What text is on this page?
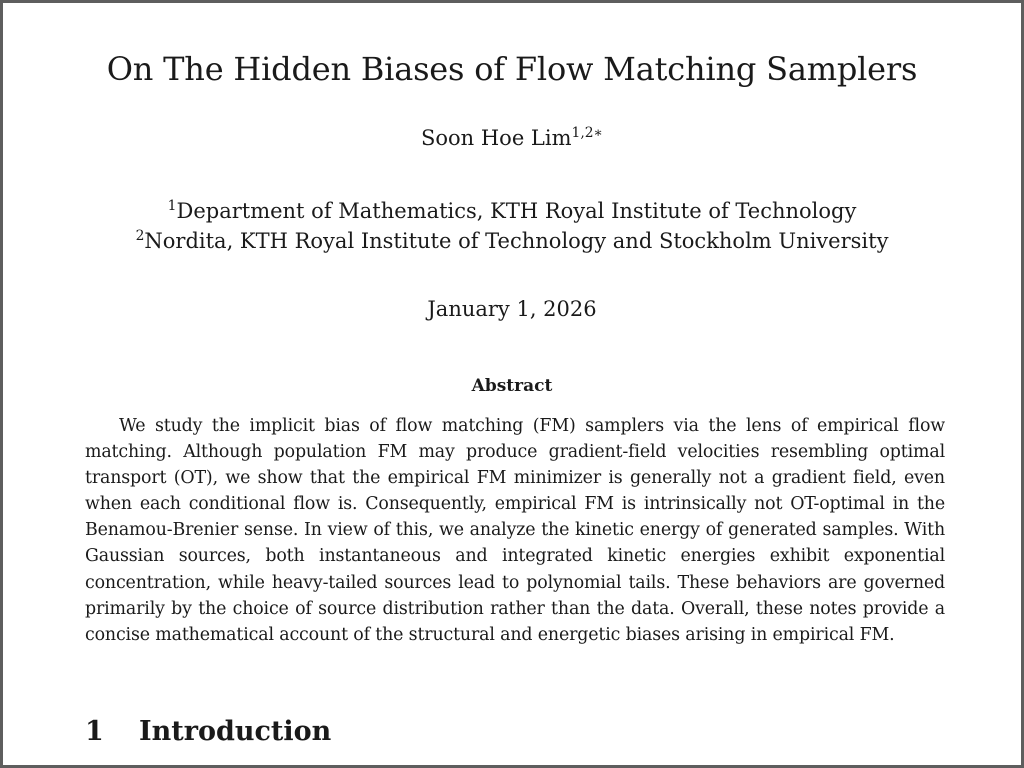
On The Hidden Biases of Flow Matching Samplers
Soon Hoe Lim$^{1,2∗}$
$^1$Department of Mathematics, KTH Royal Institute of Technology
$^2$Nordita, KTH Royal Institute of Technology and Stockholm University
January 1, 2026
Abstract

We study the implicit bias of flow matching (FM) samplers via the lens of empirical flow matching. Although population FM may produce gradient-field velocities resembling optimal transport (OT), we show that the empirical FM minimizer is generally not a gradient field, even when each conditional flow is. Consequently, empirical FM is intrinsically not OT-optimal in the Benamou-Brenier sense. In view of this, we analyze the kinetic energy of generated samples. With Gaussian sources, both instantaneous and integrated kinetic energies exhibit exponential concentration, while heavy-tailed sources lead to polynomial tails. These behaviors are governed primarily by the choice of source distribution rather than the data. Overall, these notes provide a concise mathematical account of the structural and energetic biases arising in empirical FM.

1 Introduction
